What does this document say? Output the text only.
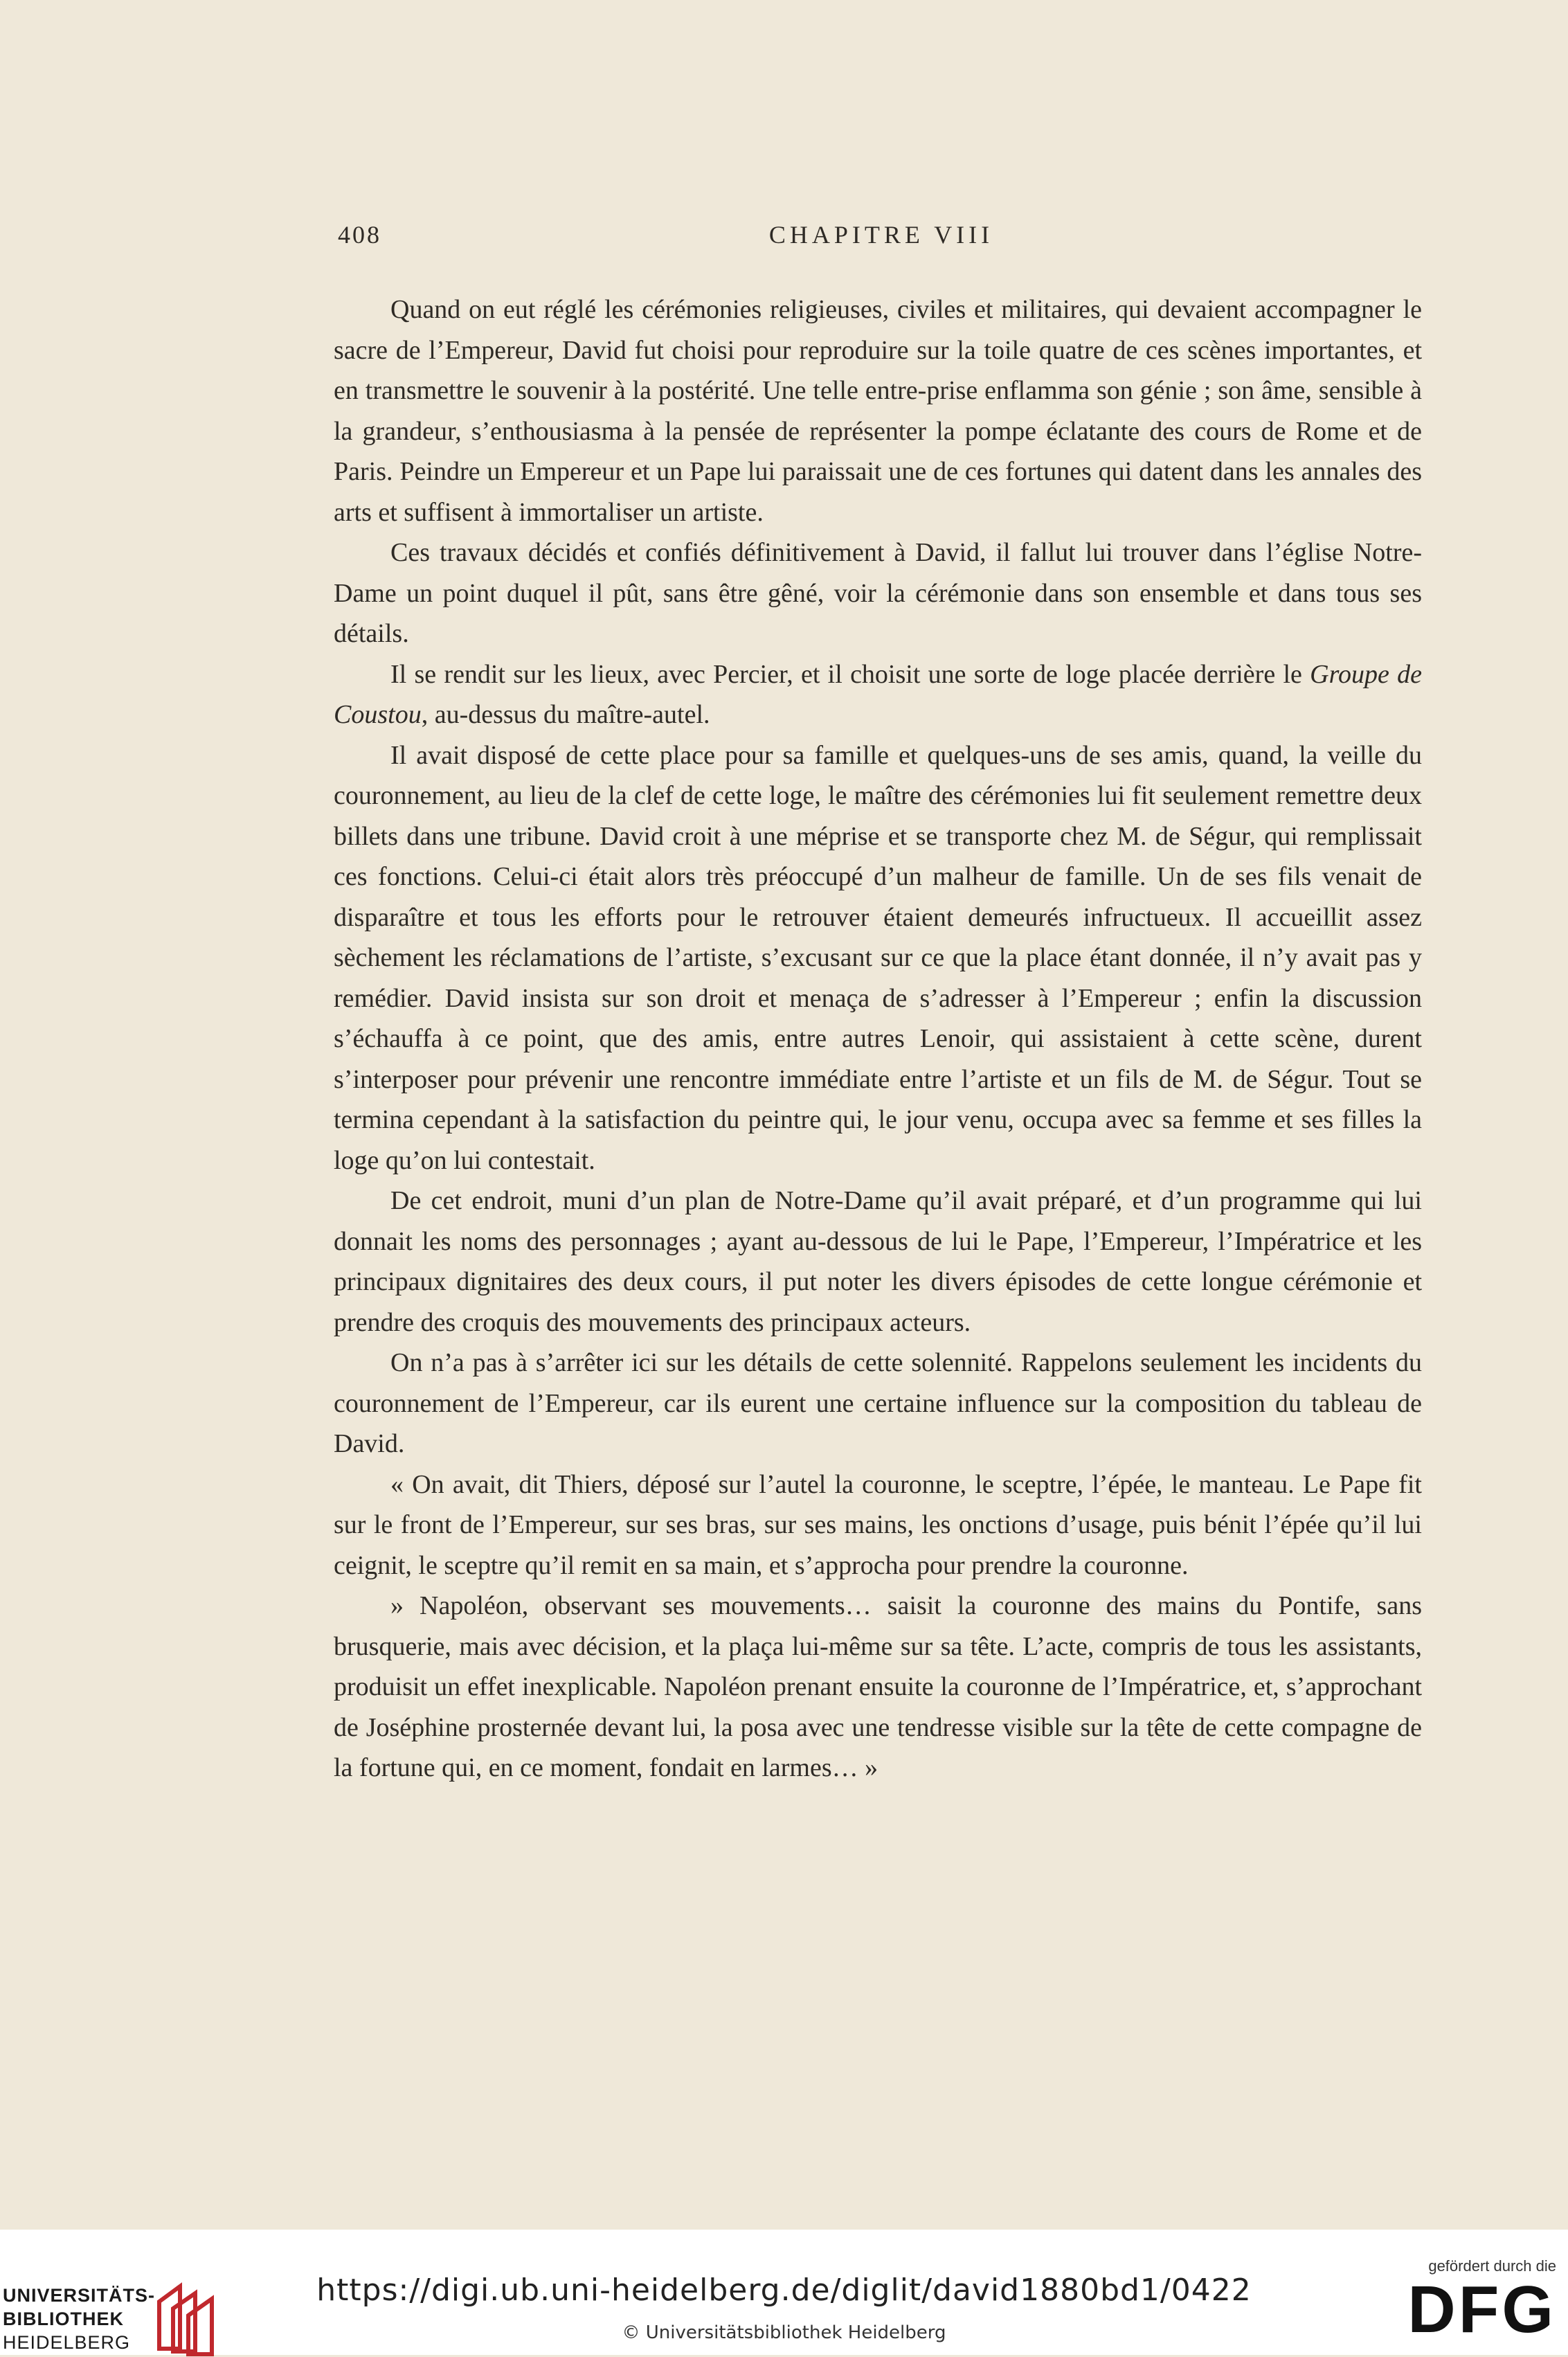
408	CHAPITRE VIII

Quand on eut réglé les cérémonies religieuses, civiles et militaires, qui devaient accompagner le sacre de l’Empereur, David fut choisi pour reproduire sur la toile quatre de ces scènes importantes, et en transmettre le souvenir à la postérité. Une telle entre-prise enflamma son génie ; son âme, sensible à la grandeur, s’enthousiasma à la pensée de représenter la pompe éclatante des cours de Rome et de Paris. Peindre un Empereur et un Pape lui paraissait une de ces fortunes qui datent dans les annales des arts et suffisent à immortaliser un artiste.

Ces travaux décidés et confiés définitivement à David, il fallut lui trouver dans l’église Notre-Dame un point duquel il pût, sans être gêné, voir la cérémonie dans son ensemble et dans tous ses détails.

Il se rendit sur les lieux, avec Percier, et il choisit une sorte de loge placée derrière le Groupe de Coustou, au-dessus du maître-autel.

Il avait disposé de cette place pour sa famille et quelques-uns de ses amis, quand, la veille du couronnement, au lieu de la clef de cette loge, le maître des cérémonies lui fit seulement remettre deux billets dans une tribune. David croit à une méprise et se transporte chez M. de Ségur, qui remplissait ces fonctions. Celui-ci était alors très préoccupé d’un malheur de famille. Un de ses fils venait de disparaître et tous les efforts pour le retrouver étaient demeurés infructueux. Il accueillit assez sèchement les réclamations de l’artiste, s’excusant sur ce que la place étant donnée, il n’y avait pas y remédier. David insista sur son droit et menaça de s’adresser à l’Empereur ; enfin la discussion s’échauffa à ce point, que des amis, entre autres Lenoir, qui assistaient à cette scène, durent s’interposer pour prévenir une rencontre immédiate entre l’artiste et un fils de M. de Ségur. Tout se termina cependant à la satisfaction du peintre qui, le jour venu, occupa avec sa femme et ses filles la loge qu’on lui contestait.

De cet endroit, muni d’un plan de Notre-Dame qu’il avait préparé, et d’un programme qui lui donnait les noms des personnages ; ayant au-dessous de lui le Pape, l’Empereur, l’Impératrice et les principaux dignitaires des deux cours, il put noter les divers épisodes de cette longue cérémonie et prendre des croquis des mouvements des principaux acteurs.

On n’a pas à s’arrêter ici sur les détails de cette solennité. Rappelons seulement les incidents du couronnement de l’Empereur, car ils eurent une certaine influence sur la composition du tableau de David.

« On avait, dit Thiers, déposé sur l’autel la couronne, le sceptre, l’épée, le manteau. Le Pape fit sur le front de l’Empereur, sur ses bras, sur ses mains, les onctions d’usage, puis bénit l’épée qu’il lui ceignit, le sceptre qu’il remit en sa main, et s’approcha pour prendre la couronne.

» Napoléon, observant ses mouvements… saisit la couronne des mains du Pontife, sans brusquerie, mais avec décision, et la plaça lui-même sur sa tête. L’acte, compris de tous les assistants, produisit un effet inexplicable. Napoléon prenant ensuite la couronne de l’Impératrice, et, s’approchant de Joséphine prosternée devant lui, la posa avec une tendresse visible sur la tête de cette compagne de la fortune qui, en ce moment, fondait en larmes… »

UNIVERSITÄTS-
BIBLIOTHEK
HEIDELBERG
https://digi.ub.uni-heidelberg.de/diglit/david1880bd1/0422
© Universitätsbibliothek Heidelberg
gefördert durch die
DFG
